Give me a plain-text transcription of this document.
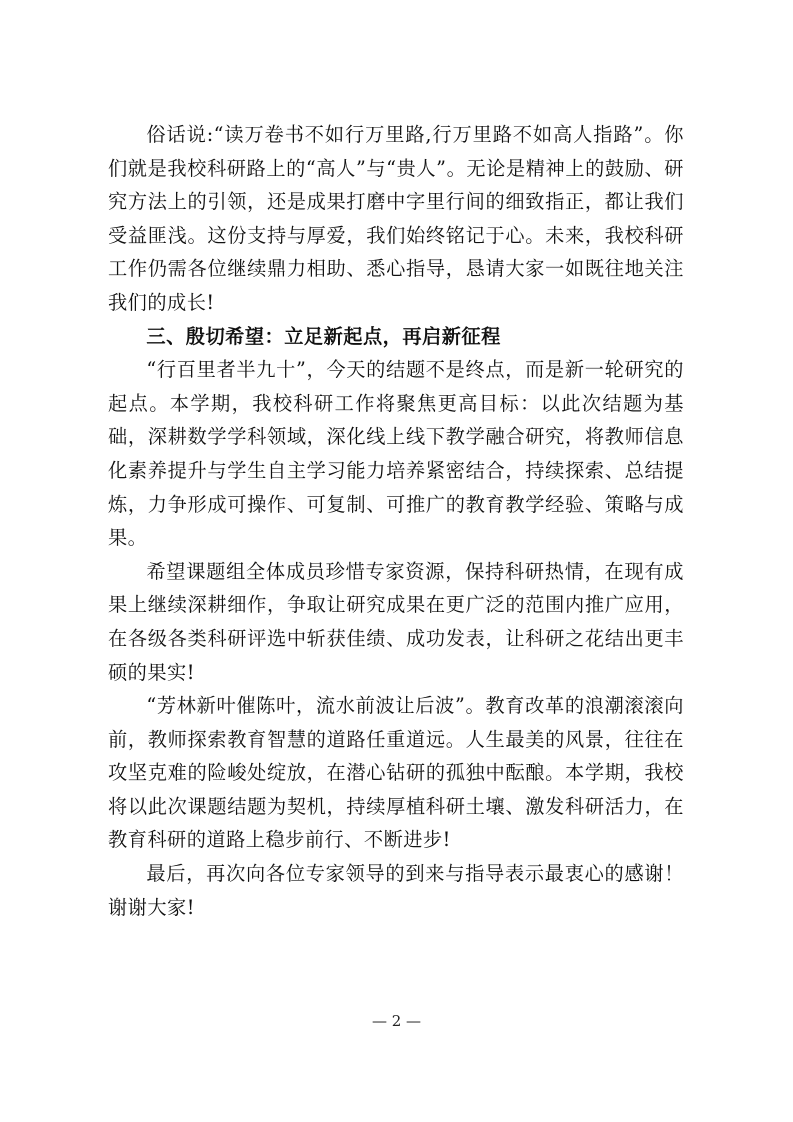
俗话说:“读万卷书不如行万里路,行万里路不如高人指路”。你们就是我校科研路上的“高人”与“贵人”。无论是精神上的鼓励、研究方法上的引领，还是成果打磨中字里行间的细致指正，都让我们受益匪浅。这份支持与厚爱，我们始终铭记于心。未来，我校科研工作仍需各位继续鼎力相助、悉心指导，恳请大家一如既往地关注我们的成长!

三、殷切希望：立足新起点，再启新征程

“行百里者半九十”，今天的结题不是终点，而是新一轮研究的起点。本学期，我校科研工作将聚焦更高目标：以此次结题为基础，深耕数学学科领域，深化线上线下教学融合研究，将教师信息化素养提升与学生自主学习能力培养紧密结合，持续探索、总结提炼，力争形成可操作、可复制、可推广的教育教学经验、策略与成果。

希望课题组全体成员珍惜专家资源，保持科研热情，在现有成果上继续深耕细作，争取让研究成果在更广泛的范围内推广应用，在各级各类科研评选中斩获佳绩、成功发表，让科研之花结出更丰硕的果实!

“芳林新叶催陈叶，流水前波让后波”。教育改革的浪潮滚滚向前，教师探索教育智慧的道路任重道远。人生最美的风景，往往在攻坚克难的险峻处绽放，在潜心钻研的孤独中酝酿。本学期，我校将以此次课题结题为契机，持续厚植科研土壤、激发科研活力，在教育科研的道路上稳步前行、不断进步!

最后，再次向各位专家领导的到来与指导表示最衷心的感谢！谢谢大家!

— 2 —
